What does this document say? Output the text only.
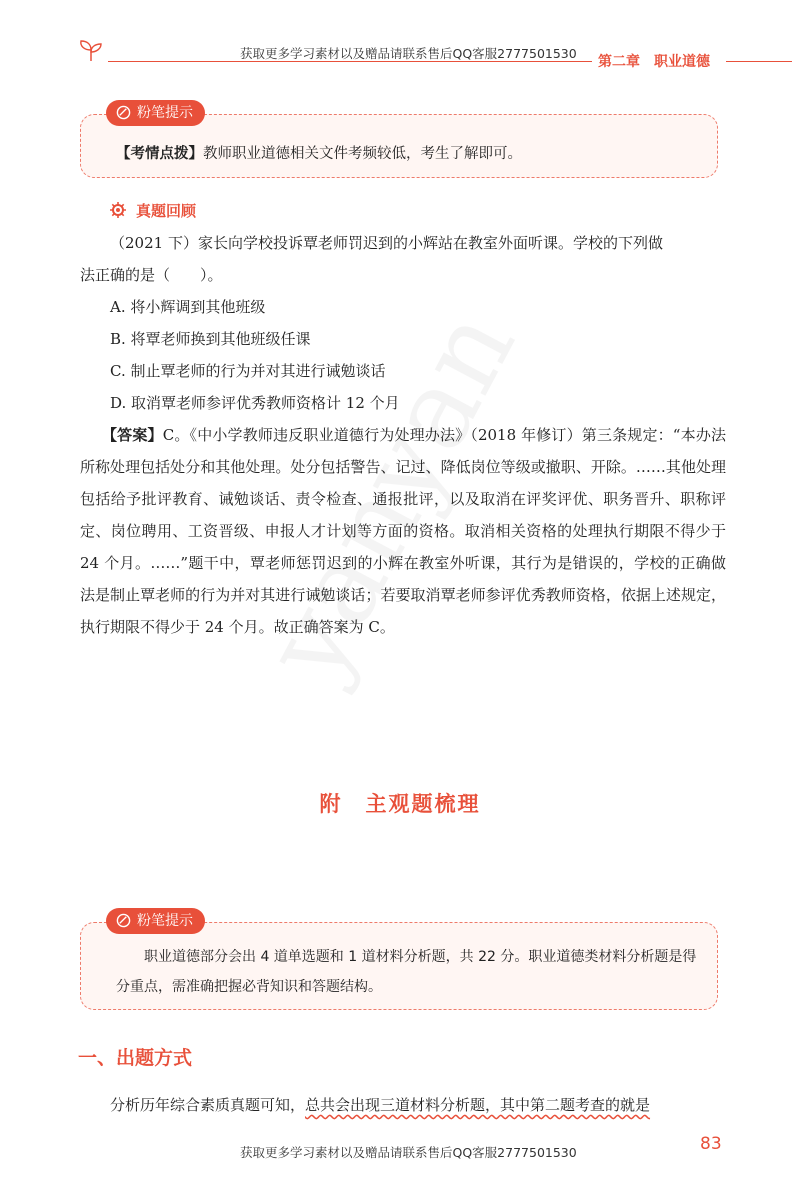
获取更多学习素材以及赠品请联系售后QQ客服2777501530
第二章　职业道德
粉笔提示
【考情点拨】教师职业道德相关文件考频较低，考生了解即可。
真题回顾
（2021 下）家长向学校投诉覃老师罚迟到的小辉站在教室外面听课。学校的下列做
法正确的是（　　）。
A. 将小辉调到其他班级
B. 将覃老师换到其他班级任课
C. 制止覃老师的行为并对其进行诫勉谈话
D. 取消覃老师参评优秀教师资格计 12 个月
【答案】C。《中小学教师违反职业道德行为处理办法》（2018 年修订）第三条规定：“本办法所称处理包括处分和其他处理。处分包括警告、记过、降低岗位等级或撤职、开除。……其他处理包括给予批评教育、诫勉谈话、责令检查、通报批评，以及取消在评奖评优、职务晋升、职称评定、岗位聘用、工资晋级、申报人才计划等方面的资格。取消相关资格的处理执行期限不得少于 24 个月。……”题干中，覃老师惩罚迟到的小辉在教室外听课，其行为是错误的，学校的正确做法是制止覃老师的行为并对其进行诫勉谈话；若要取消覃老师参评优秀教师资格，依据上述规定，执行期限不得少于 24 个月。故正确答案为 C。
附　主观题梳理
粉笔提示
职业道德部分会出 4 道单选题和 1 道材料分析题，共 22 分。职业道德类材料分析题是得分重点，需准确把握必背知识和答题结构。
一、出题方式
分析历年综合素质真题可知，总共会出现三道材料分析题，其中第二题考查的就是
获取更多学习素材以及赠品请联系售后QQ客服2777501530	83
